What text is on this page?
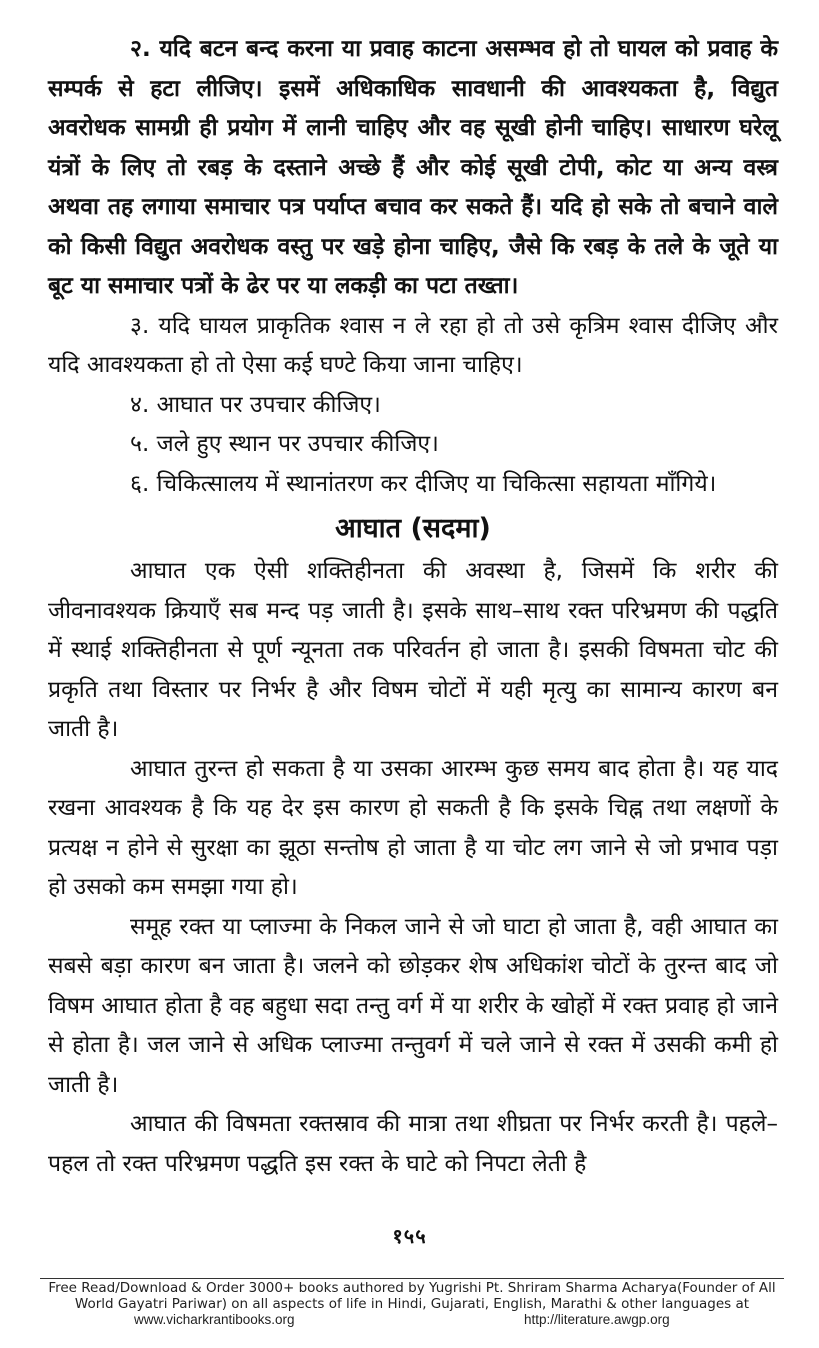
२. यदि बटन बन्द करना या प्रवाह काटना असम्भव हो तो घायल को प्रवाह के सम्पर्क से हटा लीजिए। इसमें अधिकाधिक सावधानी की आवश्यकता है, विद्युत अवरोधक सामग्री ही प्रयोग में लानी चाहिए और वह सूखी होनी चाहिए। साधारण घरेलू यंत्रों के लिए तो रबड़ के दस्ताने अच्छे हैं और कोई सूखी टोपी, कोट या अन्य वस्त्र अथवा तह लगाया समाचार पत्र पर्याप्त बचाव कर सकते हैं। यदि हो सके तो बचाने वाले को किसी विद्युत अवरोधक वस्तु पर खड़े होना चाहिए, जैसे कि रबड़ के तले के जूते या बूट या समाचार पत्रों के ढेर पर या लकड़ी का पटा तख्ता।

३. यदि घायल प्राकृतिक श्वास न ले रहा हो तो उसे कृत्रिम श्वास दीजिए और यदि आवश्यकता हो तो ऐसा कई घण्टे किया जाना चाहिए।

४. आघात पर उपचार कीजिए।

५. जले हुए स्थान पर उपचार कीजिए।

६. चिकित्सालय में स्थानांतरण कर दीजिए या चिकित्सा सहायता माँगिये।

आघात (सदमा)

आघात एक ऐसी शक्तिहीनता की अवस्था है, जिसमें कि शरीर की जीवनावश्यक क्रियाएँ सब मन्द पड़ जाती है। इसके साथ–साथ रक्त परिभ्रमण की पद्धति में स्थाई शक्तिहीनता से पूर्ण न्यूनता तक परिवर्तन हो जाता है। इसकी विषमता चोट की प्रकृति तथा विस्तार पर निर्भर है और विषम चोटों में यही मृत्यु का सामान्य कारण बन जाती है।

आघात तुरन्त हो सकता है या उसका आरम्भ कुछ समय बाद होता है। यह याद रखना आवश्यक है कि यह देर इस कारण हो सकती है कि इसके चिह्न तथा लक्षणों के प्रत्यक्ष न होने से सुरक्षा का झूठा सन्तोष हो जाता है या चोट लग जाने से जो प्रभाव पड़ा हो उसको कम समझा गया हो।

समूह रक्त या प्लाज्मा के निकल जाने से जो घाटा हो जाता है, वही आघात का सबसे बड़ा कारण बन जाता है। जलने को छोड़कर शेष अधिकांश चोटों के तुरन्त बाद जो विषम आघात होता है वह बहुधा सदा तन्तु वर्ग में या शरीर के खोहों में रक्त प्रवाह हो जाने से होता है। जल जाने से अधिक प्लाज्मा तन्तुवर्ग में चले जाने से रक्त में उसकी कमी हो जाती है।

आघात की विषमता रक्तस्राव की मात्रा तथा शीघ्रता पर निर्भर करती है। पहले–पहल तो रक्त परिभ्रमण पद्धति इस रक्त के घाटे को निपटा लेती है

१५५
Free Read/Download & Order 3000+ books authored by Yugrishi Pt. Shriram Sharma Acharya(Founder of All World Gayatri Pariwar) on all aspects of life in Hindi, Gujarati, English, Marathi & other languages at
www.vicharkrantibooks.org	http://literature.awgp.org
